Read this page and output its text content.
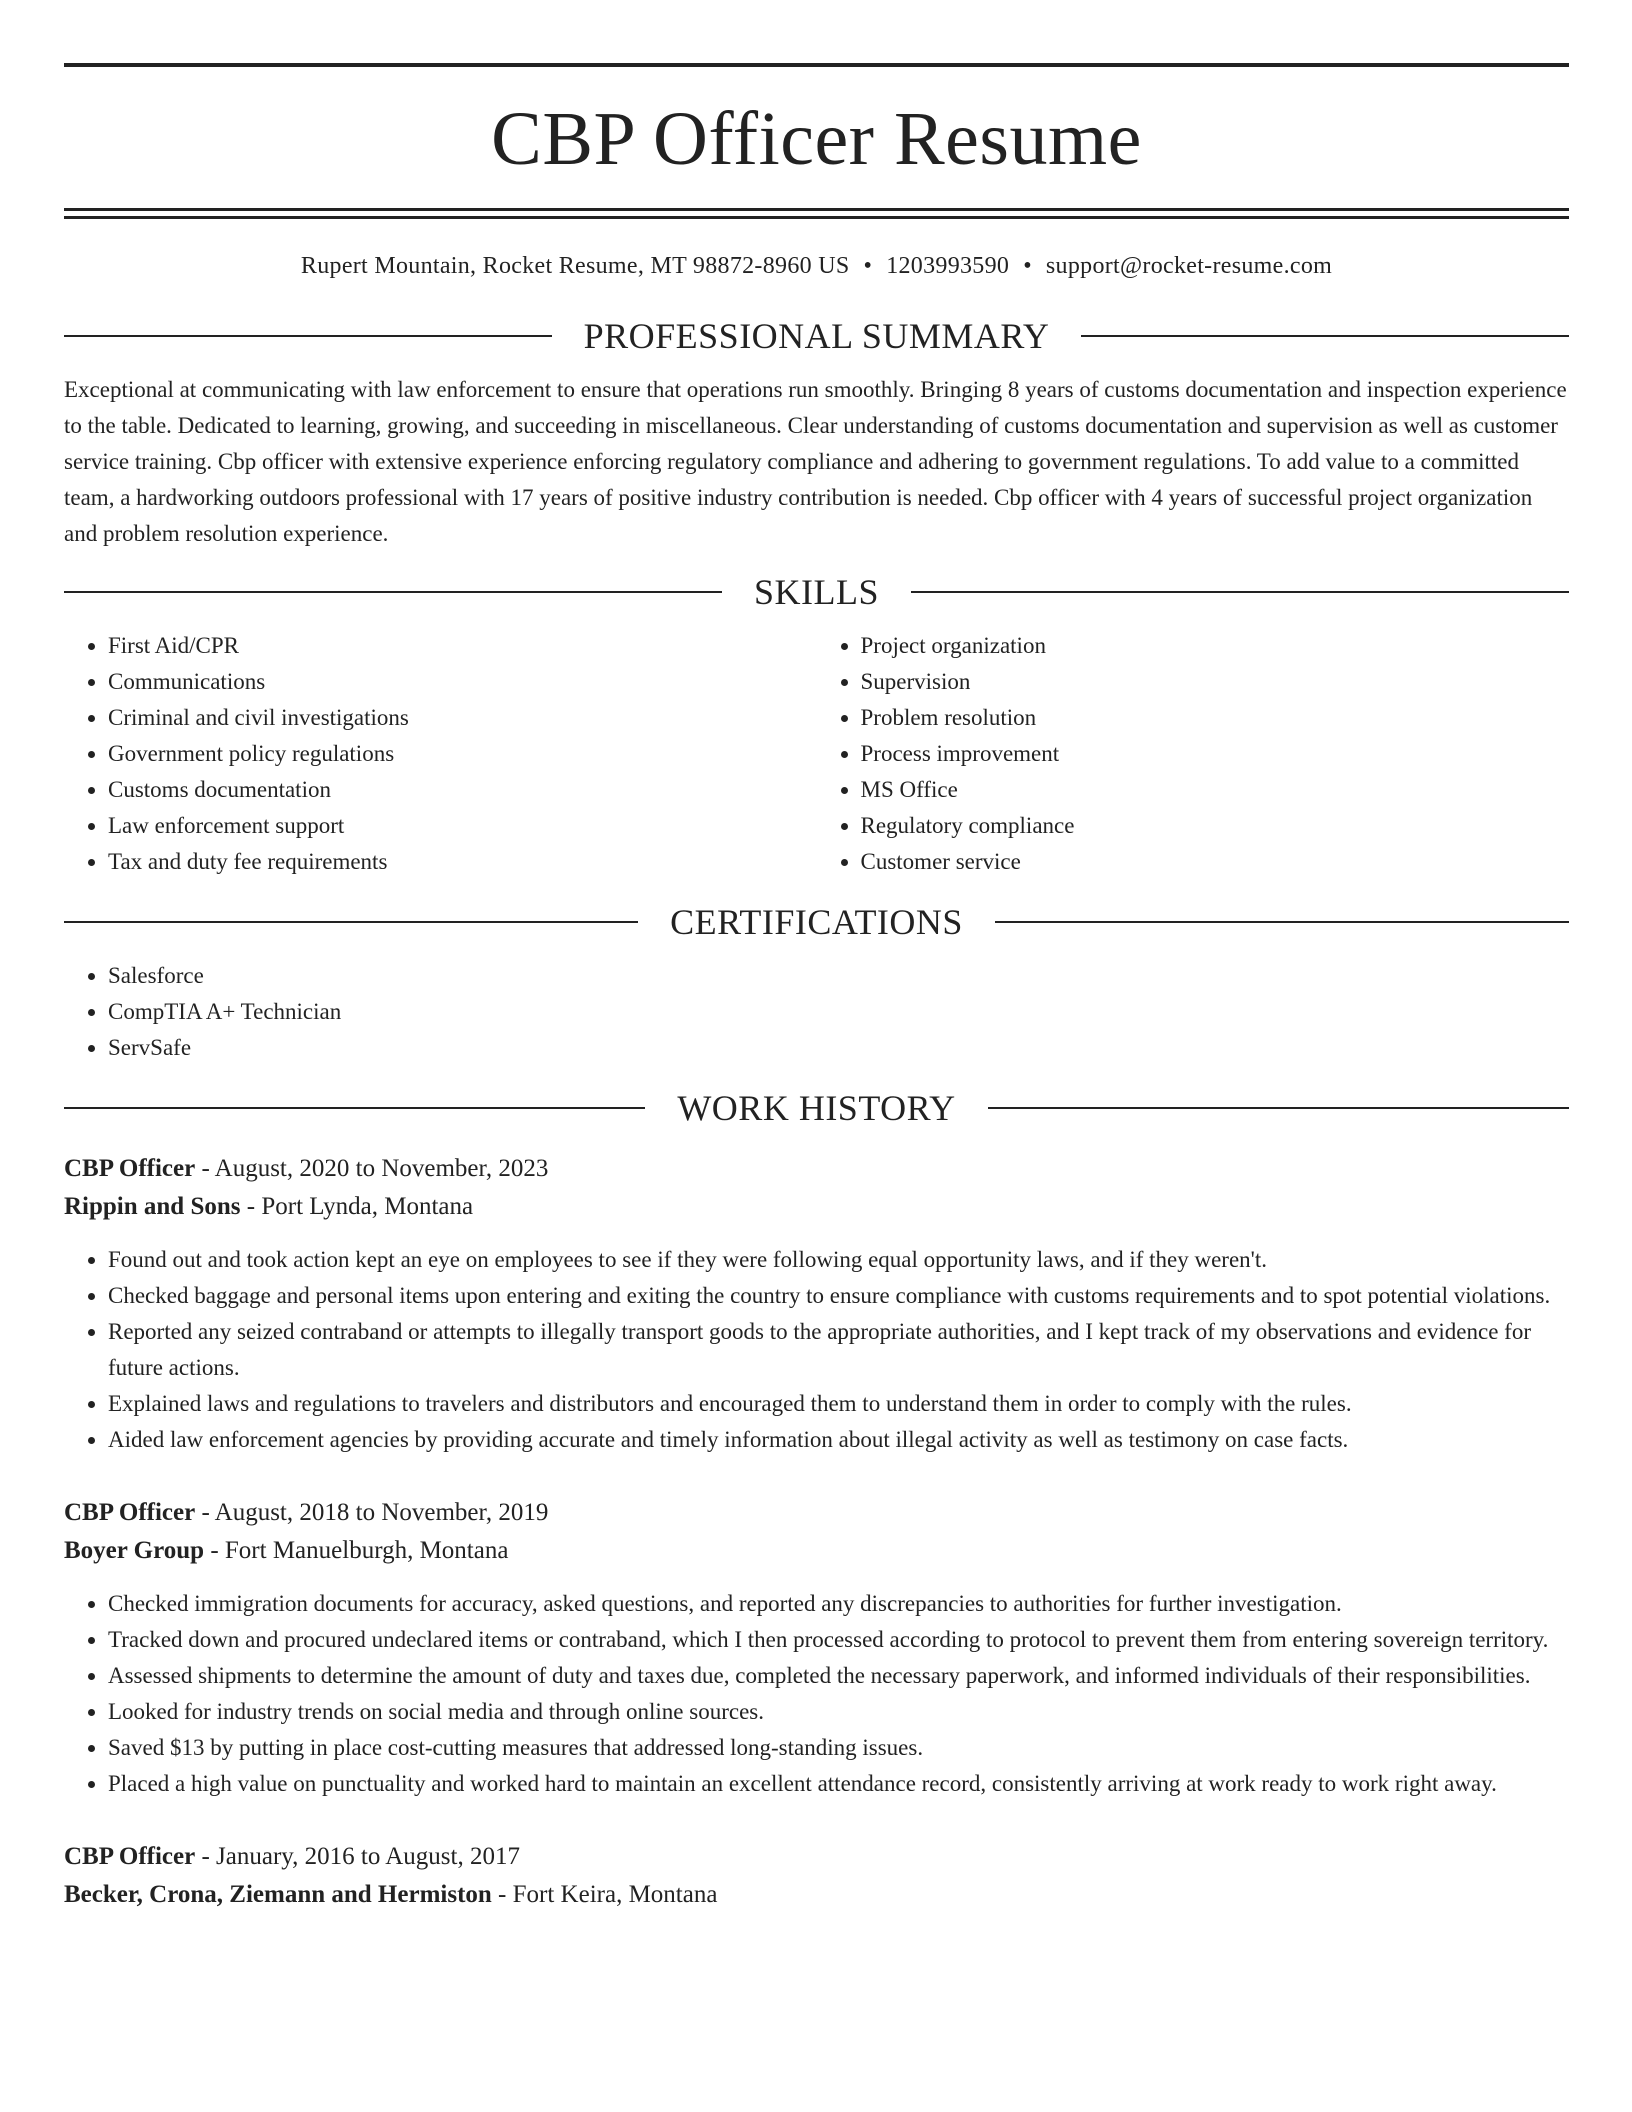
CBP Officer Resume
Rupert Mountain, Rocket Resume, MT 98872-8960 US • 1203993590 • support@rocket-resume.com
PROFESSIONAL SUMMARY
Exceptional at communicating with law enforcement to ensure that operations run smoothly. Bringing 8 years of customs documentation and inspection experience to the table. Dedicated to learning, growing, and succeeding in miscellaneous. Clear understanding of customs documentation and supervision as well as customer service training. Cbp officer with extensive experience enforcing regulatory compliance and adhering to government regulations. To add value to a committed team, a hardworking outdoors professional with 17 years of positive industry contribution is needed. Cbp officer with 4 years of successful project organization and problem resolution experience.
SKILLS
• First Aid/CPR
• Communications
• Criminal and civil investigations
• Government policy regulations
• Customs documentation
• Law enforcement support
• Tax and duty fee requirements
• Project organization
• Supervision
• Problem resolution
• Process improvement
• MS Office
• Regulatory compliance
• Customer service
CERTIFICATIONS
• Salesforce
• CompTIA A+ Technician
• ServSafe
WORK HISTORY
CBP Officer - August, 2020 to November, 2023
Rippin and Sons - Port Lynda, Montana
• Found out and took action kept an eye on employees to see if they were following equal opportunity laws, and if they weren't.
• Checked baggage and personal items upon entering and exiting the country to ensure compliance with customs requirements and to spot potential violations.
• Reported any seized contraband or attempts to illegally transport goods to the appropriate authorities, and I kept track of my observations and evidence for future actions.
• Explained laws and regulations to travelers and distributors and encouraged them to understand them in order to comply with the rules.
• Aided law enforcement agencies by providing accurate and timely information about illegal activity as well as testimony on case facts.
CBP Officer - August, 2018 to November, 2019
Boyer Group - Fort Manuelburgh, Montana
• Checked immigration documents for accuracy, asked questions, and reported any discrepancies to authorities for further investigation.
• Tracked down and procured undeclared items or contraband, which I then processed according to protocol to prevent them from entering sovereign territory.
• Assessed shipments to determine the amount of duty and taxes due, completed the necessary paperwork, and informed individuals of their responsibilities.
• Looked for industry trends on social media and through online sources.
• Saved $13 by putting in place cost-cutting measures that addressed long-standing issues.
• Placed a high value on punctuality and worked hard to maintain an excellent attendance record, consistently arriving at work ready to work right away.
CBP Officer - January, 2016 to August, 2017
Becker, Crona, Ziemann and Hermiston - Fort Keira, Montana
